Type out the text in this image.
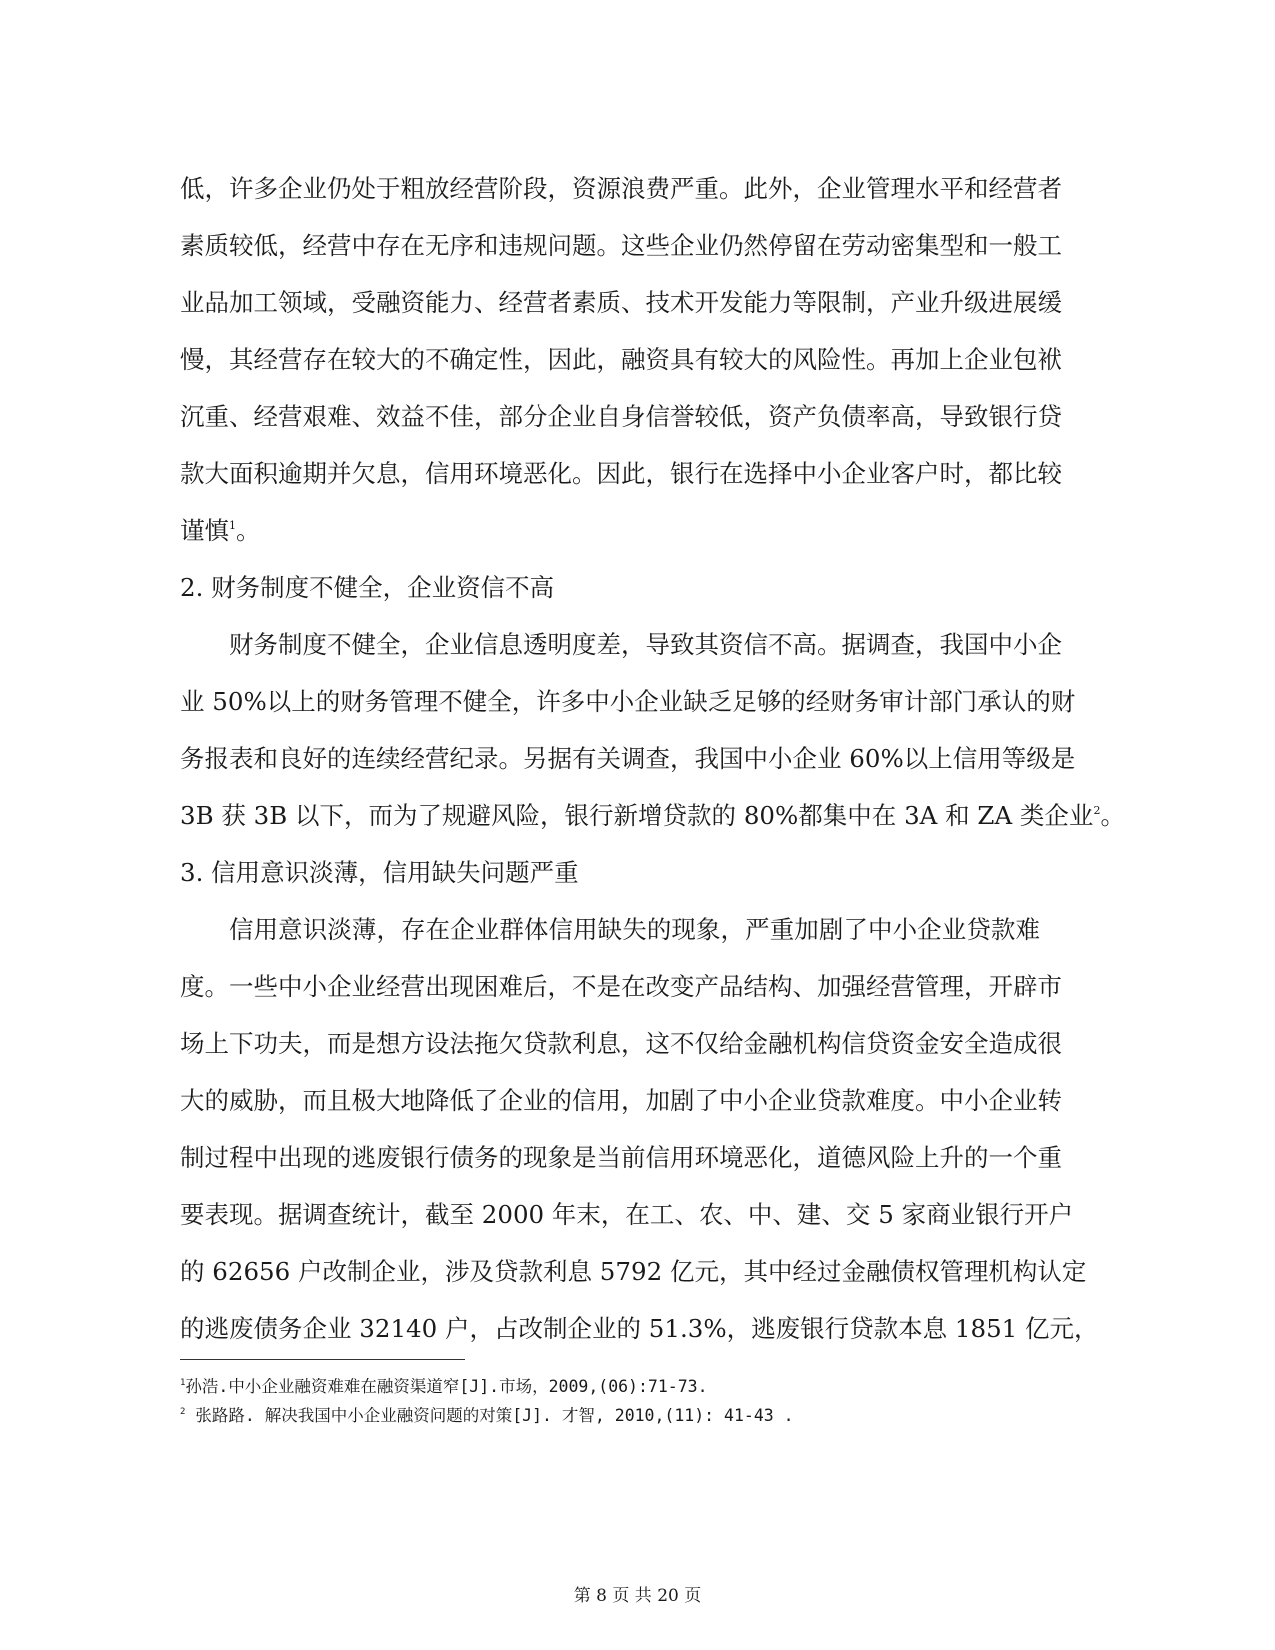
低，许多企业仍处于粗放经营阶段，资源浪费严重。此外，企业管理水平和经营者
素质较低，经营中存在无序和违规问题。这些企业仍然停留在劳动密集型和一般工
业品加工领域，受融资能力、经营者素质、技术开发能力等限制，产业升级进展缓
慢，其经营存在较大的不确定性，因此，融资具有较大的风险性。再加上企业包袱
沉重、经营艰难、效益不佳，部分企业自身信誉较低，资产负债率高，导致银行贷
款大面积逾期并欠息，信用环境恶化。因此，银行在选择中小企业客户时，都比较
谨慎$^1$。
2. 财务制度不健全，企业资信不高
财务制度不健全，企业信息透明度差，导致其资信不高。据调查，我国中小企
业 50%以上的财务管理不健全，许多中小企业缺乏足够的经财务审计部门承认的财
务报表和良好的连续经营纪录。另据有关调查，我国中小企业 60%以上信用等级是
3B 获 3B 以下，而为了规避风险，银行新增贷款的 80%都集中在 3A 和 ZA 类企业$^2$。
3. 信用意识淡薄，信用缺失问题严重
信用意识淡薄，存在企业群体信用缺失的现象，严重加剧了中小企业贷款难
度。一些中小企业经营出现困难后，不是在改变产品结构、加强经营管理，开辟市
场上下功夫，而是想方设法拖欠贷款利息，这不仅给金融机构信贷资金安全造成很
大的威胁，而且极大地降低了企业的信用，加剧了中小企业贷款难度。中小企业转
制过程中出现的逃废银行债务的现象是当前信用环境恶化，道德风险上升的一个重
要表现。据调查统计，截至 2000 年末，在工、农、中、建、交 5 家商业银行开户
的 62656 户改制企业，涉及贷款利息 5792 亿元，其中经过金融债权管理机构认定
的逃废债务企业 32140 户，占改制企业的 51.3%，逃废银行贷款本息 1851 亿元，
$^1$孙浩.中小企业融资难难在融资渠道窄[J].市场，2009,(06):71-73.
$^2$ 张路路. 解决我国中小企业融资问题的对策[J]. 才智, 2010,(11): 41-43 .
第 8 页 共 20 页
